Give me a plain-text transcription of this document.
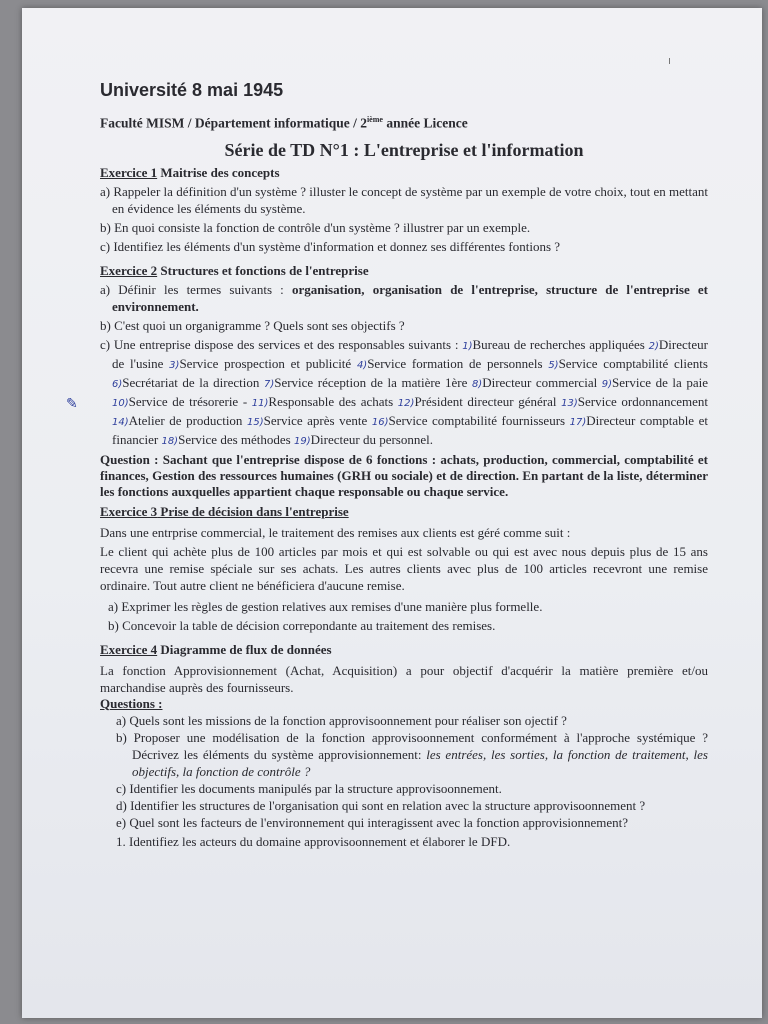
Université 8 mai 1945
Faculté MISM / Département informatique / 2ième année Licence
Série de TD N°1 : L'entreprise et l'information
Exercice 1 Maitrise des concepts

a) Rappeler la définition d'un système ? illuster le concept de système par un exemple de votre choix, tout en mettant en évidence les éléments du système.

b) En quoi consiste la fonction de contrôle d'un système ? illustrer par un exemple.

c) Identifiez les éléments d'un système d'information et donnez ses différentes fontions ?

Exercice 2 Structures et fonctions de l'entreprise

a) Définir les termes suivants : organisation, organisation de l'entreprise, structure de l'entreprise et environnement.

b) C'est quoi un organigramme ? Quels sont ses objectifs ?

✎
c) Une entreprise dispose des services et des responsables suivants : 1)Bureau de recherches appliquées 2)Directeur de l'usine 3)Service prospection et publicité 4)Service formation de personnels 5)Service comptabilité clients 6)Secrétariat de la direction 7)Service réception de la matière 1ère 8)Directeur commercial 9)Service de la paie 10)Service de trésorerie - 11)Responsable des achats 12)Président directeur général 13)Service ordonnancement 14)Atelier de production 15)Service après vente 16)Service comptabilité fournisseurs 17)Directeur comptable et financier 18)Service des méthodes 19)Directeur du personnel.

Question : Sachant que l'entreprise dispose de 6 fonctions : achats, production, commercial, comptabilité et finances, Gestion des ressources humaines (GRH ou sociale) et de direction. En partant de la liste, déterminer les fonctions auxquelles appartient chaque responsable ou chaque service.

Exercice 3 Prise de décision dans l'entreprise

Dans une entrprise commercial, le traitement des remises aux clients est géré comme suit :

Le client qui achète plus de 100 articles par mois et qui est solvable ou qui est avec nous depuis plus de 15 ans recevra une remise spéciale sur ses achats. Les autres clients avec plus de 100 articles recevront une remise ordinaire. Tout autre client ne bénéficiera d'aucune remise.

a) Exprimer les règles de gestion relatives aux remises d'une manière plus formelle.

b) Concevoir la table de décision correpondante au traitement des remises.

Exercice 4 Diagramme de flux de données

La fonction Approvisionnement (Achat, Acquisition) a pour objectif d'acquérir la matière première et/ou marchandise auprès des fournisseurs.

Questions :

a) Quels sont les missions de la fonction approvisoonnement pour réaliser son ojectif ?

b) Proposer une modélisation de la fonction approvisoonnement conformément à l'approche systémique ? Décrivez les éléments du système approvisionnement: les entrées, les sorties, la fonction de traitement, les objectifs, la fonction de contrôle ?

c) Identifier les documents manipulés par la structure approvisoonnement.

d) Identifier les structures de l'organisation qui sont en relation avec la structure approvisoonnement ?

e) Quel sont les facteurs de l'environnement qui interagissent avec la fonction approvisionnement?

1. Identifiez les acteurs du domaine approvisoonnement et élaborer le DFD.
